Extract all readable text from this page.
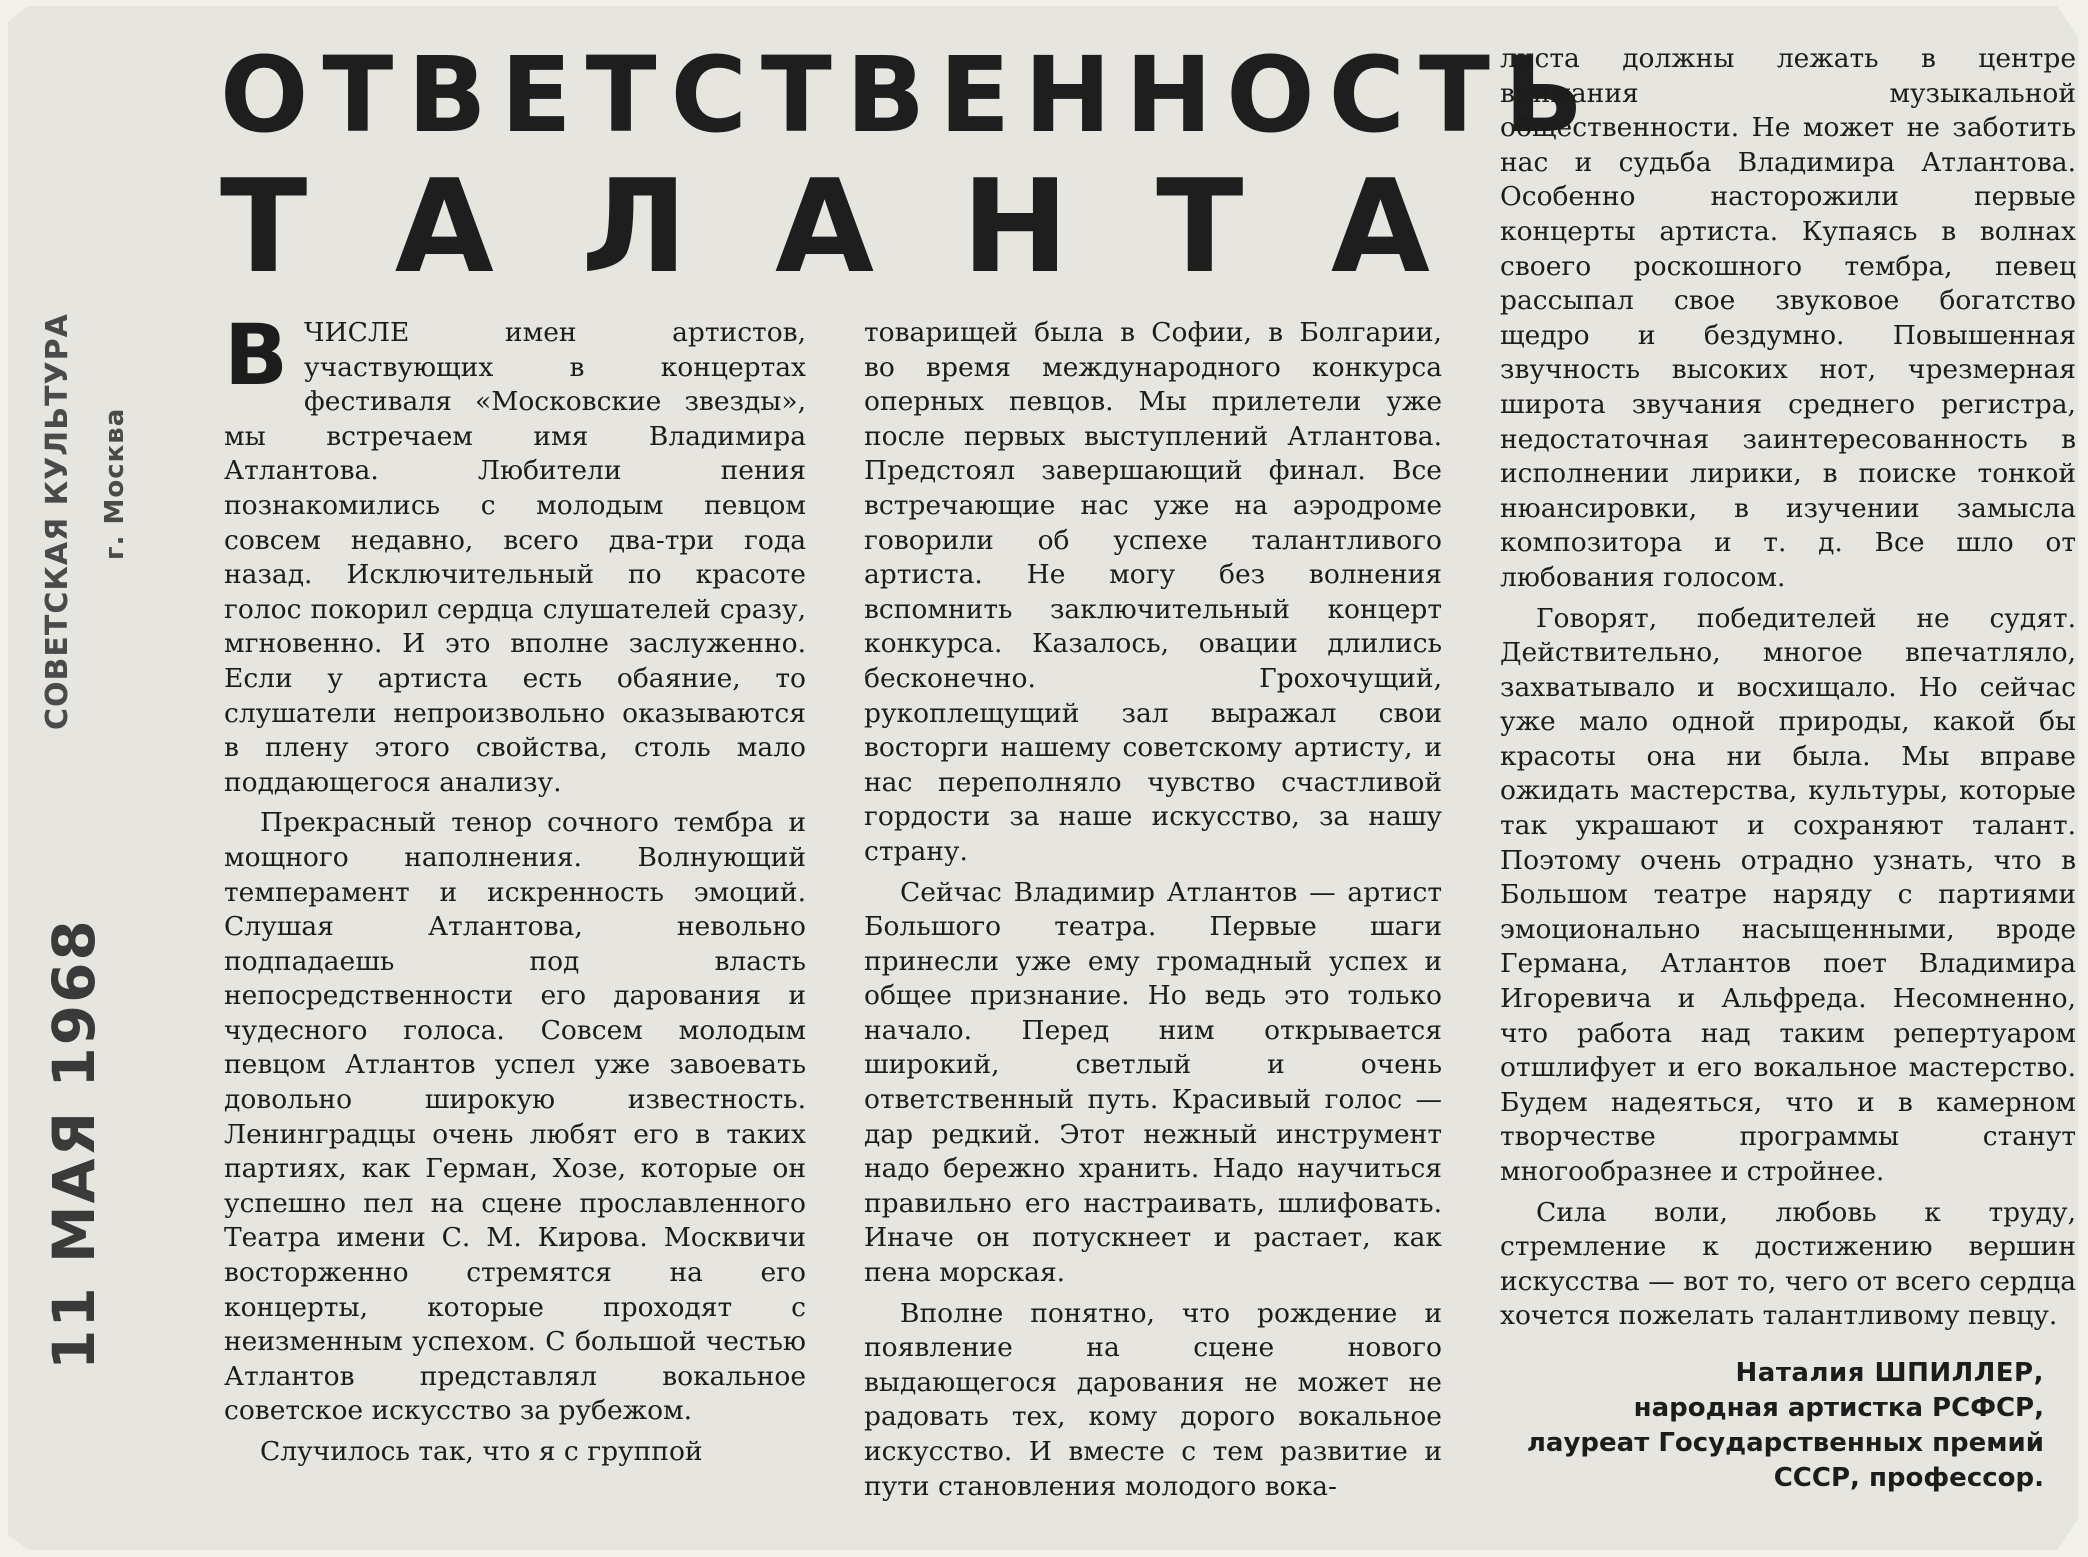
СОВЕТСКАЯ КУЛЬТУРА г. Москва
11 МАЯ 1968
ОТВЕТСТВЕННОСТЬ
Т А Л А Н Т А

В ЧИСЛЕ имен артистов, участвующих в концертах фестиваля «Московские звезды», мы встречаем имя Владимира Атлантова. Любители пения познакомились с молодым певцом совсем недавно, всего два-три года назад. Исключительный по красоте голос покорил сердца слушателей сразу, мгновенно. И это вполне заслуженно. Если у артиста есть обаяние, то слушатели непроизвольно оказываются в плену этого свойства, столь мало поддающегося анализу.

Прекрасный тенор сочного тембра и мощного наполнения. Волнующий темперамент и искренность эмоций. Слушая Атлантова, невольно подпадаешь под власть непосредственности его дарования и чудесного голоса. Совсем молодым певцом Атлантов успел уже завоевать довольно широкую известность. Ленинградцы очень любят его в таких партиях, как Герман, Хозе, которые он успешно пел на сцене прославленного Театра имени С. М. Кирова. Москвичи восторженно стремятся на его концерты, которые проходят с неизменным успехом. С большой честью Атлантов представлял вокальное советское искусство за рубежом.

Случилось так, что я с группой

товарищей была в Софии, в Болгарии, во время международного конкурса оперных певцов. Мы прилетели уже после первых выступлений Атлантова. Предстоял завершающий финал. Все встречающие нас уже на аэродроме говорили об успехе талантливого артиста. Не могу без волнения вспомнить заключительный концерт конкурса. Казалось, овации длились бесконечно. Грохочущий, рукоплещущий зал выражал свои восторги нашему советскому артисту, и нас переполняло чувство счастливой гордости за наше искусство, за нашу страну.

Сейчас Владимир Атлантов — артист Большого театра. Первые шаги принесли уже ему громадный успех и общее признание. Но ведь это только начало. Перед ним открывается широкий, светлый и очень ответственный путь. Красивый голос — дар редкий. Этот нежный инструмент надо бережно хранить. Надо научиться правильно его настраивать, шлифовать. Иначе он потускнеет и растает, как пена морская.

Вполне понятно, что рождение и появление на сцене нового выдающегося дарования не может не радовать тех, кому дорого вокальное искусство. И вместе с тем развитие и пути становления молодого вока-

листа должны лежать в центре внимания музыкальной общественности. Не может не заботить нас и судьба Владимира Атлантова. Особенно насторожили первые концерты артиста. Купаясь в волнах своего роскошного тембра, певец рассыпал свое звуковое богатство щедро и бездумно. Повышенная звучность высоких нот, чрезмерная широта звучания среднего регистра, недостаточная заинтересованность в исполнении лирики, в поиске тонкой нюансировки, в изучении замысла композитора и т. д. Все шло от любования голосом.

Говорят, победителей не судят. Действительно, многое впечатляло, захватывало и восхищало. Но сейчас уже мало одной природы, какой бы красоты она ни была. Мы вправе ожидать мастерства, культуры, которые так украшают и сохраняют талант. Поэтому очень отрадно узнать, что в Большом театре наряду с партиями эмоционально насыщенными, вроде Германа, Атлантов поет Владимира Игоревича и Альфреда. Несомненно, что работа над таким репертуаром отшлифует и его вокальное мастерство. Будем надеяться, что и в камерном творчестве программы станут многообразнее и стройнее.

Сила воли, любовь к труду, стремление к достижению вершин искусства — вот то, чего от всего сердца хочется пожелать талантливому певцу.

Наталия ШПИЛЛЕР,
народная артистка РСФСР,
лауреат Государственных премий СССР, профессор.
